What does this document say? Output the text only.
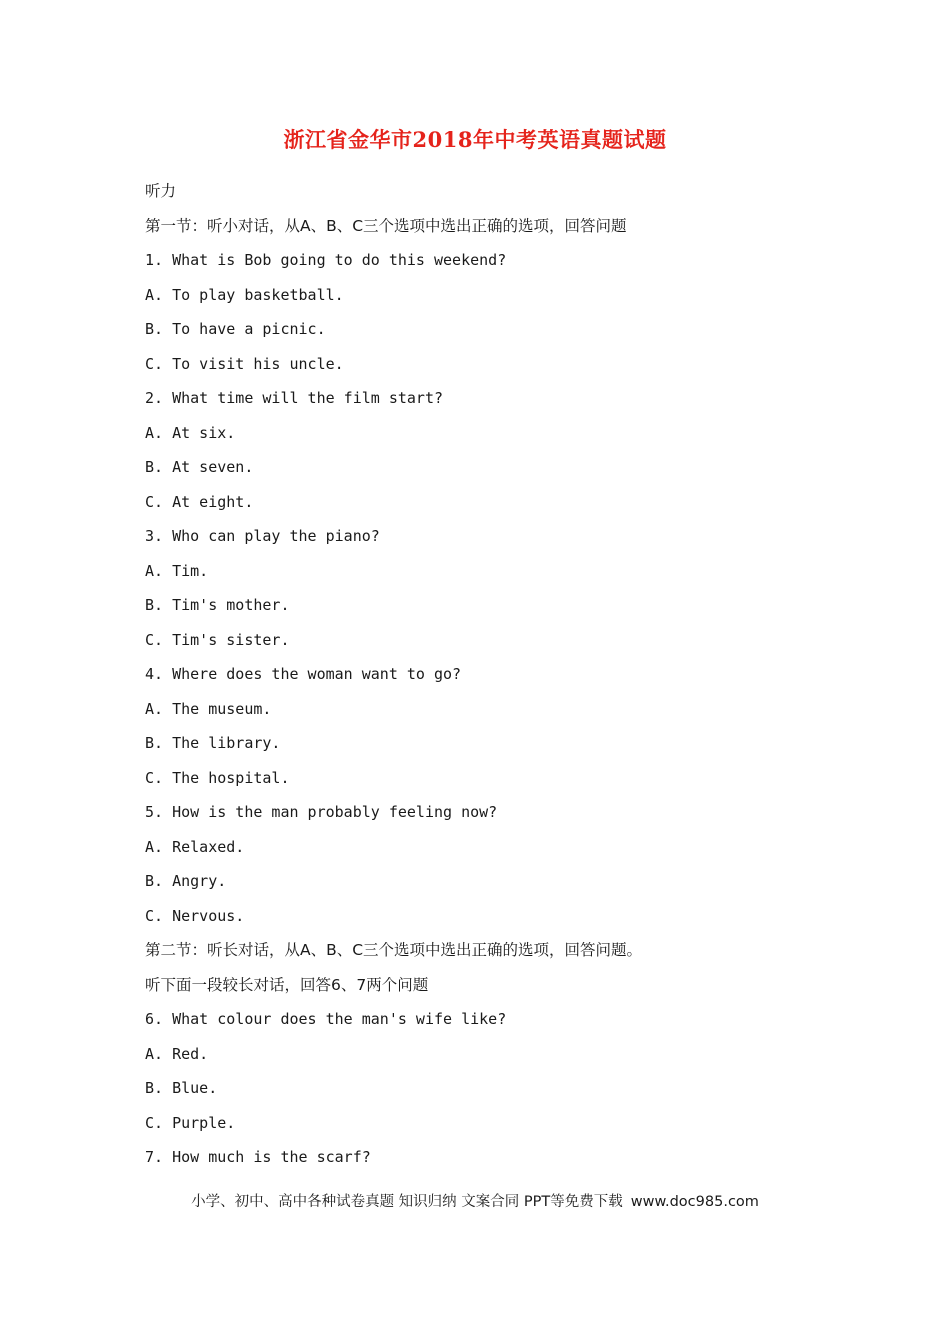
浙江省金华市2018年中考英语真题试题
听力
第一节：听小对话，从A、B、C三个选项中选出正确的选项，回答问题
1. What is Bob going to do this weekend?
A. To play basketball.
B. To have a picnic.
C. To visit his uncle.
2. What time will the film start?
A. At six.
B. At seven.
C. At eight.
3. Who can play the piano?
A. Tim.
B. Tim's mother.
C. Tim's sister.
4. Where does the woman want to go?
A. The museum.
B. The library.
C. The hospital.
5. How is the man probably feeling now?
A. Relaxed.
B. Angry.
C. Nervous.
第二节：听长对话，从A、B、C三个选项中选出正确的选项，回答问题。
听下面一段较长对话，回答6、7两个问题
6. What colour does the man's wife like?
A. Red.
B. Blue.
C. Purple.
7. How much is the scarf?
小学、初中、高中各种试卷真题 知识归纳 文案合同 PPT等免费下载 www.doc985.com
